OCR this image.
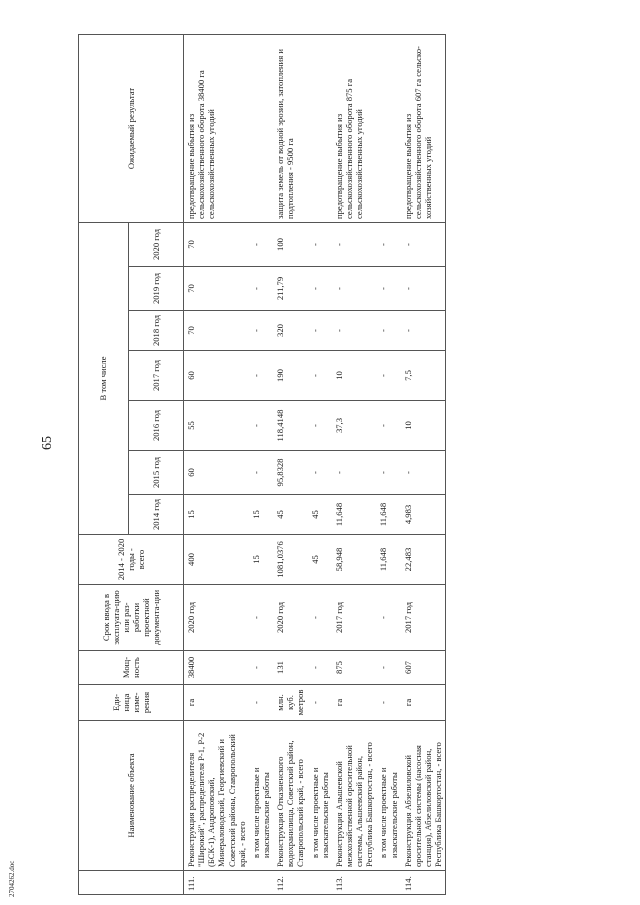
65
2704262.doc
	Наименование объекта	Еди-ница изме-рения	Мощ-ность	Срок ввода в эксплуата-цию или раз-работки проектной документа-ции	2014 - 2020 годы - всего	В том числе							Ожидаемый результат
						2014 год	2015 год	2016 год	2017 год	2018 год	2019 год	2020 год	
111.	Реконструкция распределителя "Широкий", распределителя Р-1, Р-2 (БСК-1), Андроповский, Минераловодский, Георгиевский и Советский районы, Ставропольский край, - всего	га	38400	2020 год	400	15	60	55	60	70	70	70	предотвращение выбытия из сельскохозяйственного оборота 38400 га сельскохозяйственных угодий
	в том числе проектные и изыскательские работы	-	-	-	15	15	-	-	-	-	-	-	
112.	Реконструкция Отказненского водохранилища, Советский район, Ставропольский край, - всего	млн. куб. метров	131	2020 год	1081,0376	45	95,8328	118,4148	190	320	211,79	100	защита земель от водной эрозии, затопления и подтопления - 9500 га
	в том числе проектные и изыскательские работы	-	-	-	45	45	-	-	-	-	-	-	
113.	Реконструкция Альшеевской межхозяйственной оросительной системы, Альшеевский район, Республика Башкортостан, - всего	га	875	2017 год	58,948	11,648	-	37,3	10	-	-	-	предотвращение выбытия из сельскохозяйственного оборота 875 га сельскохозяйственных угодий
	в том числе проектные и изыскательские работы	-	-	-	11,648	11,648	-	-	-	-	-	-	
114.	Реконструкция Абзелиловской оросительной системы (насосная станция), Абзелиловский район, Республика Башкортостан, - всего	га	607	2017 год	22,483	4,983	-	10	7,5	-	-	-	предотвращение выбытия из сельскохозяйственного оборота 607 га сельско-хозяйственных угодий
